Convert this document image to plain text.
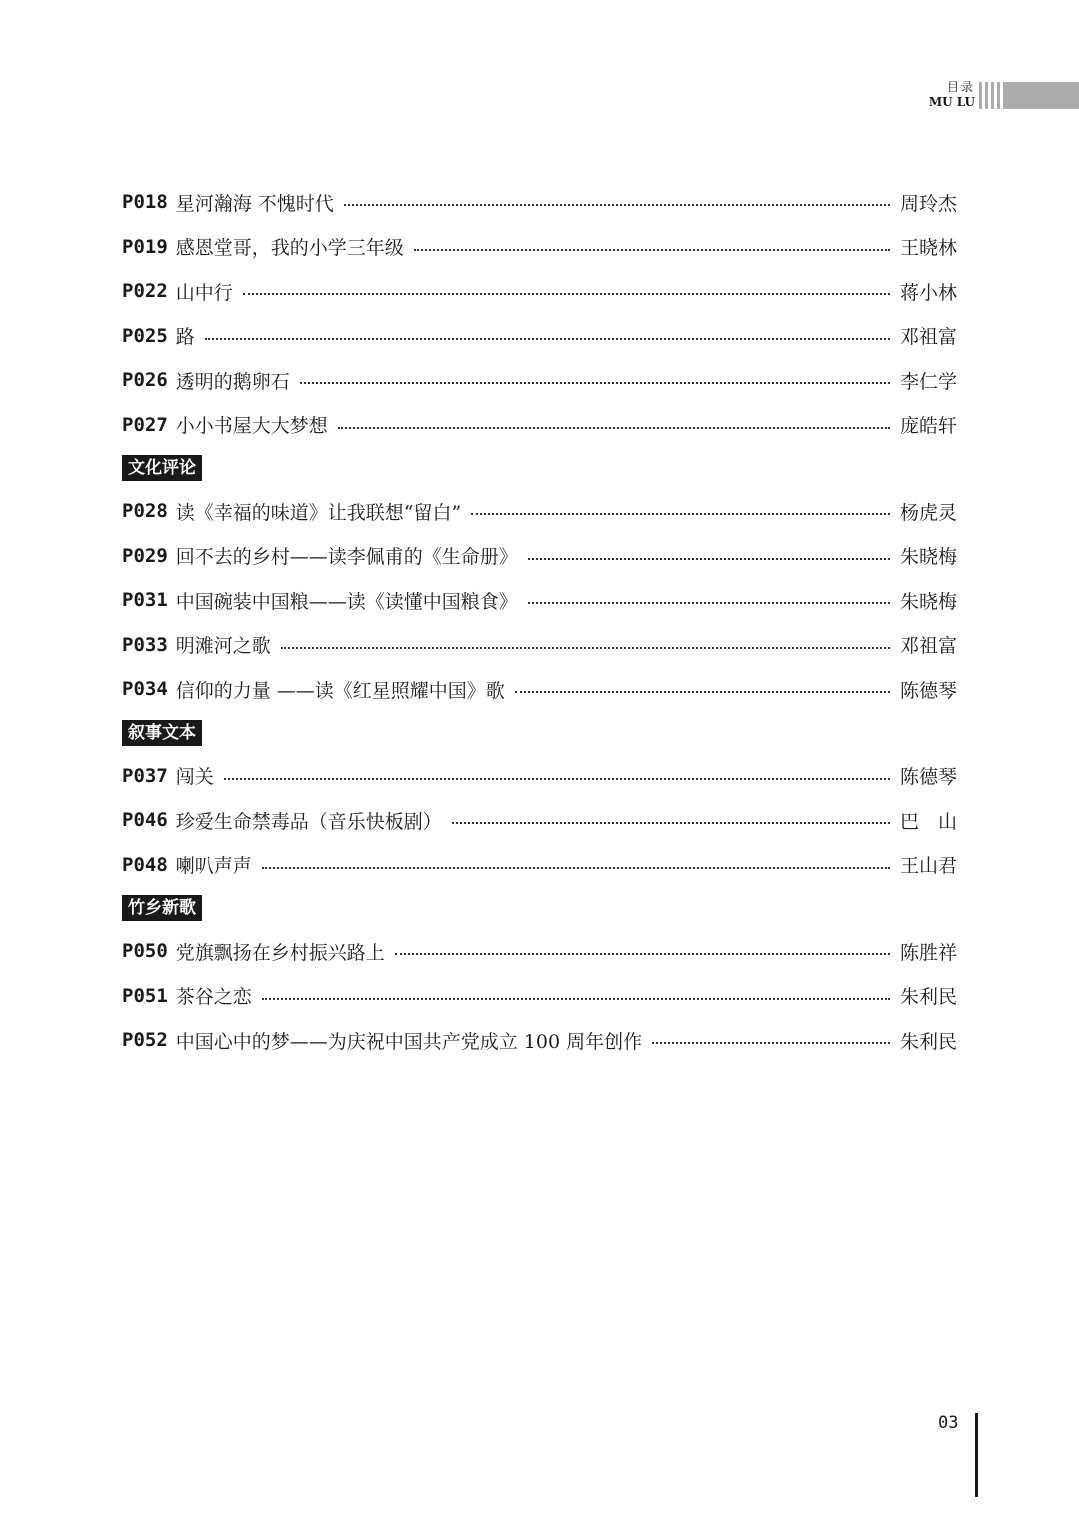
目录
MU LU
P018 星河瀚海 不愧时代	周玲杰
P019 感恩堂哥，我的小学三年级	王晓林
P022 山中行	蒋小林
P025 路	邓祖富
P026 透明的鹅卵石	李仁学
P027 小小书屋大大梦想	庞皓轩
文化评论
P028 读《幸福的味道》让我联想“留白”	杨虎灵
P029 回不去的乡村——读李佩甫的《生命册》	朱晓梅
P031 中国碗装中国粮——读《读懂中国粮食》	朱晓梅
P033 明滩河之歌	邓祖富
P034 信仰的力量 ——读《红星照耀中国》歌	陈德琴
叙事文本
P037 闯关	陈德琴
P046 珍爱生命禁毒品（音乐快板剧）	巴　山
P048 喇叭声声	王山君
竹乡新歌
P050 党旗飘扬在乡村振兴路上	陈胜祥
P051 茶谷之恋	朱利民
P052 中国心中的梦——为庆祝中国共产党成立 100 周年创作	朱利民
03
